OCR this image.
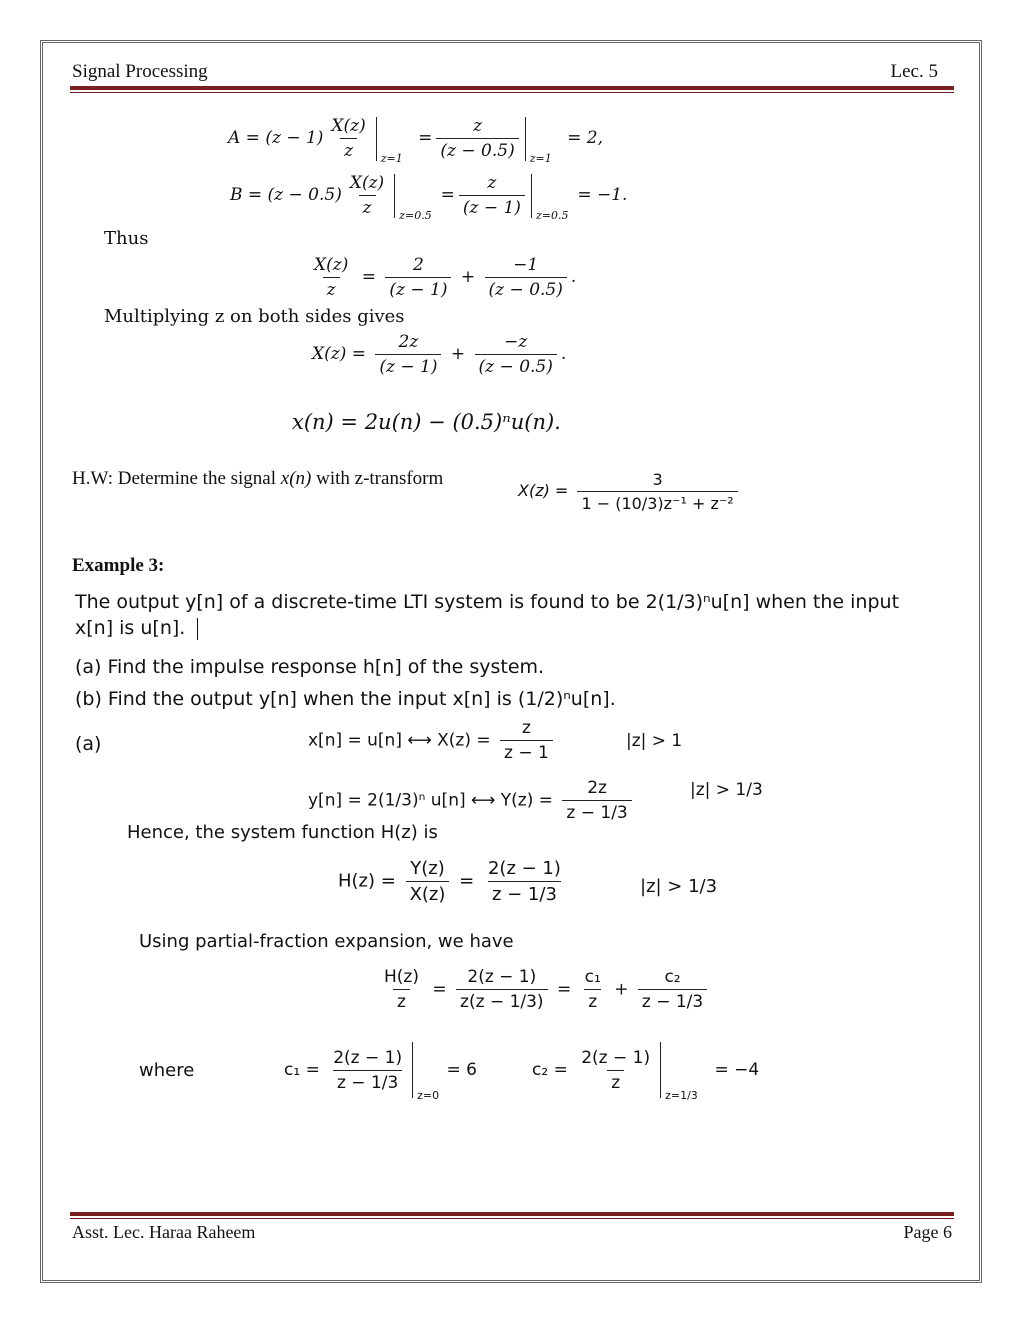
Signal Processing	Lec. 5
$A = (z - 1) \frac{X(z)}{z} z=1$
= $\frac{z}{(z - 0.5)} z=1$
= 2,
$B = (z - 0.5) \frac{X(z)}{z} z=0.5$
= $\frac{z}{(z - 1)} z=0.5$
= −1.
Thus
$\frac{X(z)}{z} = \frac{2}{(z - 1)} + \frac{-1}{(z - 0.5)}$ .
Multiplying z on both sides gives
$X(z) = \frac{2z}{(z - 1)} + \frac{-z}{(z - 0.5)}$ .
x(n) = 2u(n) − (0.5)ⁿu(n).
H.W: Determine the signal x(n) with z-transform
$X(z) = \frac{3}{\text{1 − (10/3)z⁻¹ + z⁻²}}$
Example 3:
The output y[n] of a discrete-time LTI system is found to be 2(1/3)ⁿu[n] when the input
x[n] is u[n].
(a) Find the impulse response h[n] of the system.
(b) Find the output y[n] when the input x[n] is (1/2)ⁿu[n].
(a)	x[n] = u[n] ⟷ $X(z) = \frac{z}{z - 1}$	|z| > 1
y[n] = 2(1/3)ⁿ u[n] ⟷ $Y(z) = \frac{2z}{z - 1/3}$	|z| > 1/3
Hence, the system function H(z) is
$H(z) = \frac{Y(z)}{X(z)} = \frac{2(z - 1)}{z - 1/3}$	|z| > 1/3
Using partial-fraction expansion, we have
$\frac{H(z)}{z} = \frac{2(z - 1)}{z(z - 1/3)} = \frac{\text{c₁}}{z} + \frac{\text{c₂}}{z - 1/3}$
where	$c_1 = \frac{2(z - 1)}{z - 1/3}$
z=0
= 6	$c_2 = \frac{2(z - 1)}{z}$
z=1/3
= −4
Asst. Lec. Haraa Raheem	Page 6
